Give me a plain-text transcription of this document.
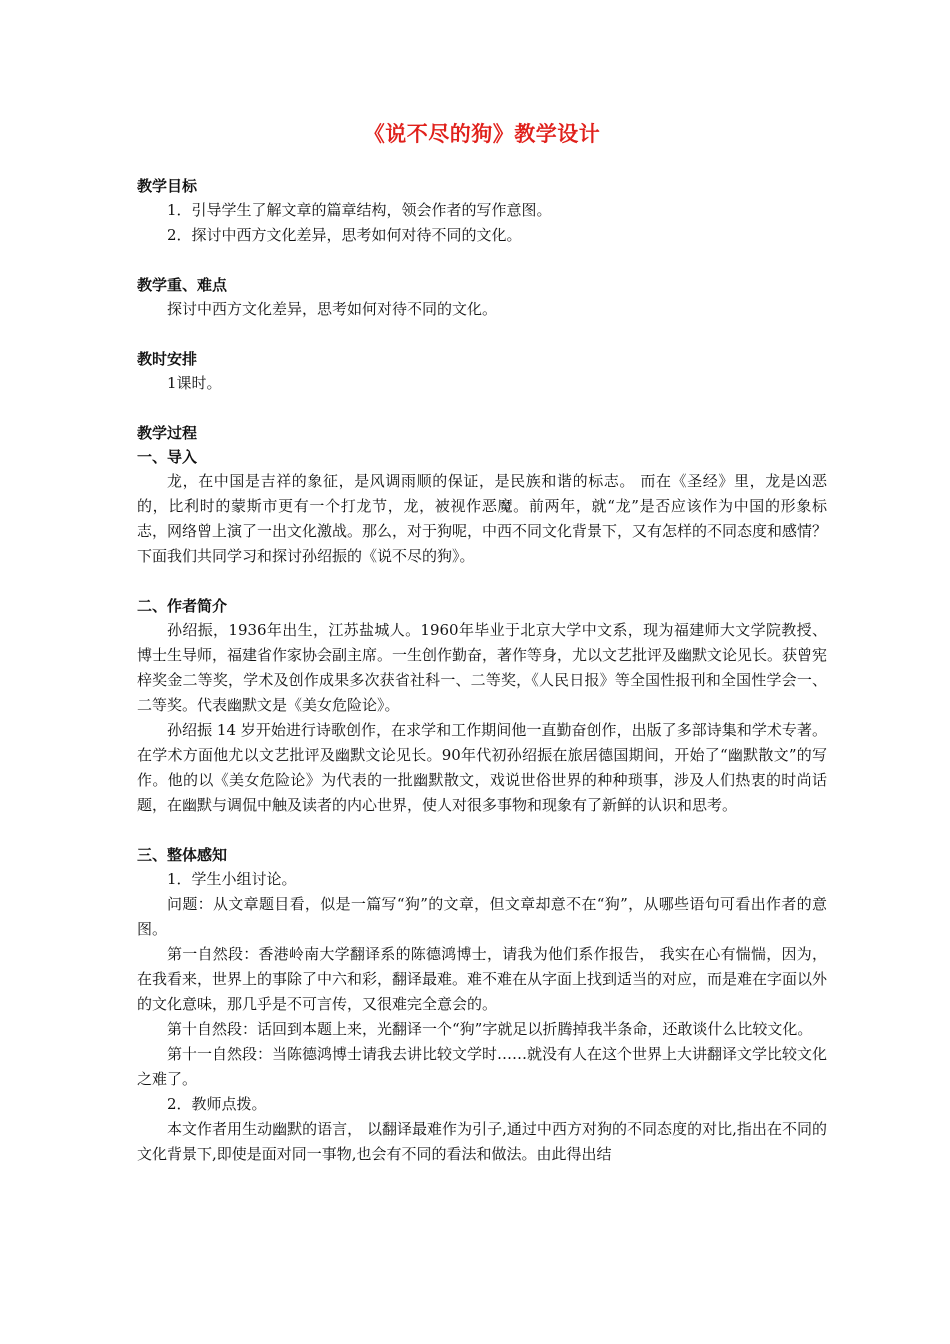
《说不尽的狗》教学设计

教学目标

1．引导学生了解文章的篇章结构，领会作者的写作意图。

2．探讨中西方文化差异，思考如何对待不同的文化。

教学重、难点

探讨中西方文化差异，思考如何对待不同的文化。

教时安排

1课时。

教学过程

一、导入

龙，在中国是吉祥的象征，是风调雨顺的保证，是民族和谐的标志。 而在《圣经》里，龙是凶恶的，比利时的蒙斯市更有一个打龙节，龙，被视作恶魔。前两年，就“龙”是否应该作为中国的形象标志，网络曾上演了一出文化激战。那么，对于狗呢，中西不同文化背景下，又有怎样的不同态度和感情？下面我们共同学习和探讨孙绍振的《说不尽的狗》。

二、作者简介

孙绍振，1936年出生，江苏盐城人。1960年毕业于北京大学中文系，现为福建师大文学院教授、博士生导师，福建省作家协会副主席。一生创作勤奋，著作等身，尤以文艺批评及幽默文论见长。获曾宪梓奖金二等奖，学术及创作成果多次获省社科一、二等奖，《人民日报》等全国性报刊和全国性学会一、二等奖。代表幽默文是《美女危险论》。

孙绍振 14 岁开始进行诗歌创作，在求学和工作期间他一直勤奋创作，出版了多部诗集和学术专著。在学术方面他尤以文艺批评及幽默文论见长。90年代初孙绍振在旅居德国期间，开始了“幽默散文”的写作。他的以《美女危险论》为代表的一批幽默散文，戏说世俗世界的种种琐事，涉及人们热衷的时尚话题，在幽默与调侃中触及读者的内心世界，使人对很多事物和现象有了新鲜的认识和思考。

三、整体感知

1．学生小组讨论。

问题：从文章题目看，似是一篇写“狗”的文章，但文章却意不在“狗”，从哪些语句可看出作者的意图。

第一自然段：香港岭南大学翻译系的陈德鸿博士，请我为他们系作报告， 我实在心有惴惴，因为，在我看来，世界上的事除了中六和彩，翻译最难。难不难在从字面上找到适当的对应，而是难在字面以外的文化意味，那几乎是不可言传，又很难完全意会的。

第十自然段：话回到本题上来，光翻译一个“狗”字就足以折腾掉我半条命，还敢谈什么比较文化。

第十一自然段：当陈德鸿博士请我去讲比较文学时……就没有人在这个世界上大讲翻译文学比较文化之难了。

2．教师点拨。

本文作者用生动幽默的语言， 以翻译最难作为引子,通过中西方对狗的不同态度的对比,指出在不同的文化背景下,即使是面对同一事物,也会有不同的看法和做法。由此得出结
